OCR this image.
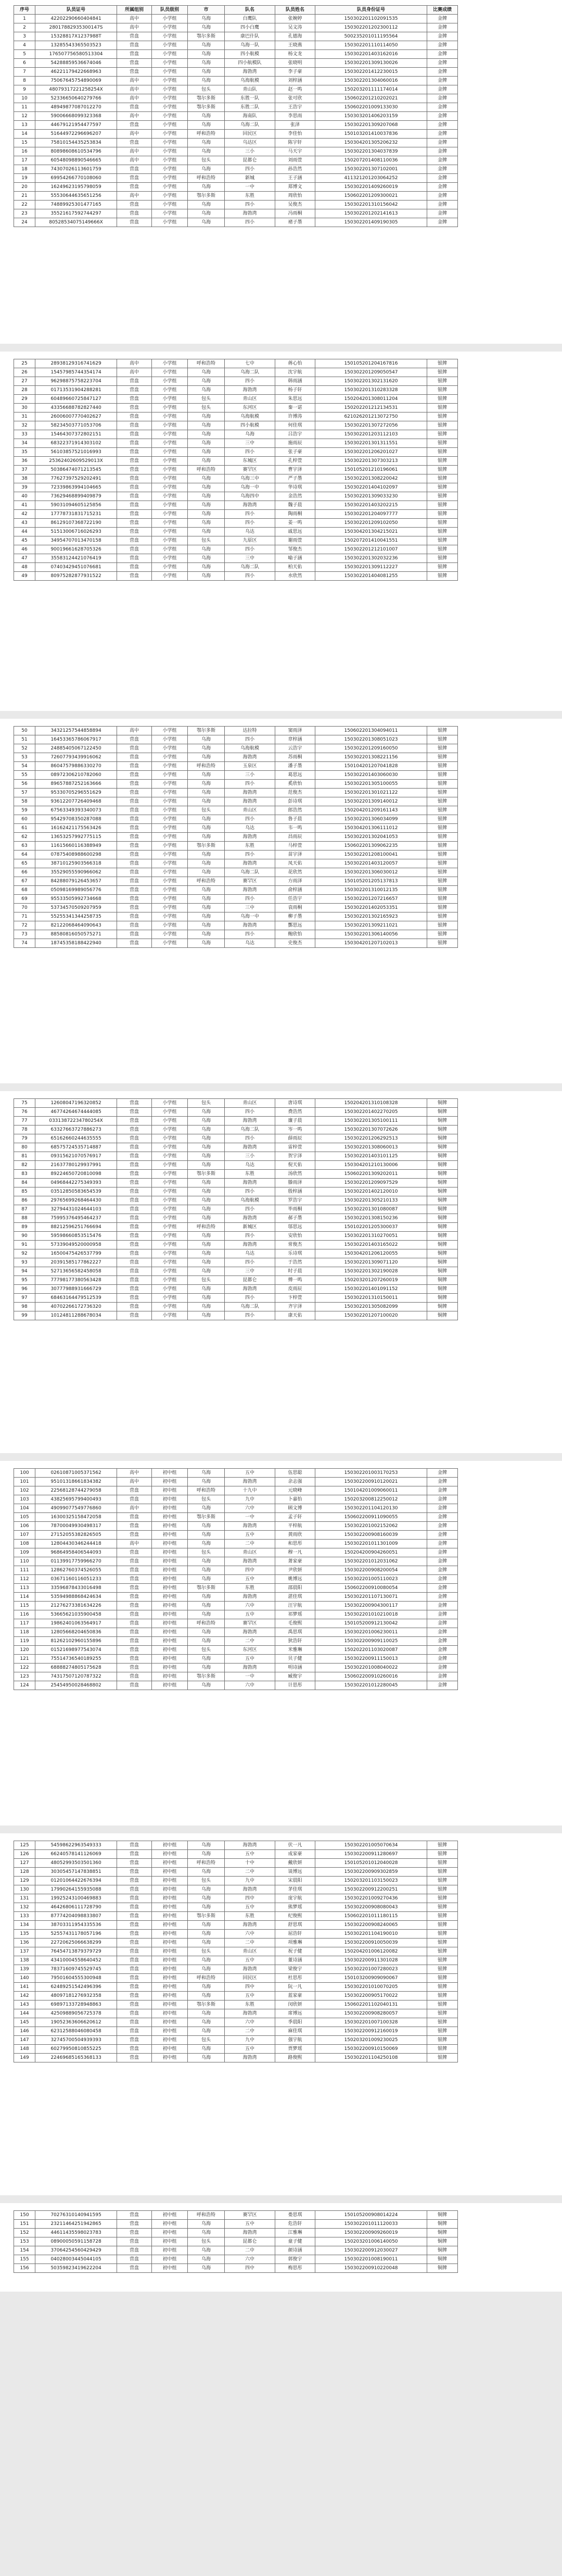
序号	队员证号	所属组别	队员级别	市	队名	队员姓名	队员身份证号	比赛成绩
1	42202290660404841	高中	小学组	乌海	白鹰队	张婉婷	150302201102091535	金牌
2	28017882935300147S	高中	小学组	乌海	四小白鹰	吴文涛	150302201202300112	金牌
3	15328817X1237988T	营盘	小学组	鄂尔多斯	康巴什队	孔德海	500235201011195564	金牌
4	13285543365503523	营盘	小学组	乌海	乌海一队	王晓燕	150302201110114050	金牌
5	176507756580513304	营盘	小学组	乌海	四小航模	杨文龙	150302201403162016	金牌
6	54288859536674046	营盘	小学组	乌海	四小航模队	张晓明	150302201309130026	金牌
7	46221179422668963	营盘	小学组	乌海	海勃湾	李子豪	150302201412230015	金牌
8	75067645754890069	高中	小学组	乌海	乌海航模	刘梓涵	150302201304060016	金牌
9	48079317221258254X	高中	小学组	包头	青山队	赵一鸣	150203201111174014	金牌
10	52336650640279766	高中	小学组	鄂尔多斯	东胜一队	张可欣	150602201210202021	金牌
11	48949877087012270	营盘	小学组	鄂尔多斯	东胜二队	王浩宇	150602201009133030	金牌
12	59006668099323368	高中	小学组	乌海	海南队	李思雨	150303201406203159	金牌
13	44679121954477597	营盘	小学组	乌海	乌海二队	张泽	150302201309207068	金牌
14	51644972296696207	高中	小学组	呼和浩特	回民区	李佳怡	150103201410037836	金牌
15	75810154435253834	营盘	小学组	乌海	乌达区	陈宇轩	150304201305206232	金牌
16	80898608610534796	高中	小学组	乌海	三小	马天宇	150302201304037839	金牌
17	60548098890546665	高中	小学组	包头	昆都仑	刘雨萱	150207201408110036	金牌
18	74307026113601759	营盘	小学组	乌海	四小	孙浩然	150302201307102001	金牌
19	69954266770108060	营盘	小学组	呼和浩特	新城	王子涵	411321201203064252	金牌
20	16249623195798059	营盘	小学组	乌海	一中	郑博文	150302201409260019	金牌
21	55530644635651256	高中	小学组	鄂尔多斯	东胜	周欣怡	150602201209300021	金牌
22	74889925301477165	营盘	小学组	乌海	四小	吴俊杰	150302201310156042	金牌
23	35521617592744297	营盘	小学组	乌海	海勃湾	冯雨桐	150302201202141613	金牌
24	80528534075149666X	营盘	小学组	乌海	四小	褚子墨	150302201409190305	金牌
25	28938129316741629	高中	小学组	呼和浩特	七中	蒋心怡	150105201204167816	银牌
26	15457985744354174	高中	小学组	乌海	乌海二队	沈宇航	150302201209050547	银牌
27	96298875758223704	营盘	小学组	乌海	四小	韩雨涵	150302201302131620	银牌
28	01713531904288281	营盘	小学组	乌海	海勃湾	杨子轩	150302201310283328	银牌
29	60489660725847127	营盘	小学组	包头	青山区	朱思远	150204201308011204	银牌
30	43356688782827440	营盘	小学组	包头	东河区	秦一诺	150202201212134531	银牌
31	26006007770402627	营盘	小学组	乌海	乌海航模	许博涛	621026201213072750	银牌
32	58234503771053706	营盘	小学组	乌海	四小航模	何佳琪	150302201307272056	银牌
33	15464307372802151	营盘	小学组	乌海	乌海	吕浩宇	150302201203112103	银牌
34	68322371914303102	营盘	小学组	乌海	三中	施雨辰	150302201301311551	银牌
35	56103857521016993	营盘	小学组	乌海	四小	张子豪	150302201206201027	银牌
36	25362402609529013X	营盘	小学组	乌海	东城区	孔梓萱	150302201307303213	银牌
37	50386474071213545	营盘	小学组	呼和浩特	赛罕区	曹宇泽	150105201210196061	银牌
38	77627397529202491	营盘	小学组	乌海	乌海三中	严子墨	150302201308220042	银牌
39	72339863994104665	营盘	小学组	乌海	乌海一中	华诗琪	150302201404102097	银牌
40	73629468899409879	营盘	小学组	乌海	乌海四中	金浩然	150302201309033230	银牌
41	59031094605125856	营盘	小学组	乌海	海勃湾	魏子晨	150302201403202215	银牌
42	17778731831715231	营盘	小学组	乌海	四小	陶雨桐	150302201204097777	银牌
43	86129107368722190	营盘	小学组	乌海	四小	姜一鸣	150302201209102050	银牌
44	51513006716026293	营盘	小学组	乌海	乌达	戚思远	150304201304215021	银牌
45	34954707013470158	营盘	小学组	包头	九原区	谢雨萱	150207201410041551	银牌
46	90019661628705326	营盘	小学组	乌海	四小	邹俊杰	150302201212101007	银牌
47	35583124421076419	营盘	小学组	乌海	三中	喻子涵	150302201302032236	银牌
48	07403429451076681	营盘	小学组	乌海	乌海二队	柏天佑	150302201309112227	银牌
49	80975282877931522	营盘	小学组	乌海	四小	水欣然	150302201404081255	银牌
50	34321257544858894	高中	小学组	鄂尔多斯	达拉特	窦雨泽	150602201304094011	银牌
51	16453365786067917	营盘	小学组	乌海	四小	章梓涵	150302201308051023	银牌
52	24885405067122450	营盘	小学组	乌海	乌海航模	云浩宇	150302201209160050	银牌
53	72607793439916062	营盘	小学组	乌海	海勃湾	苏雨桐	150302201308221156	银牌
54	86047579886330270	营盘	小学组	呼和浩特	玉泉区	潘子墨	150104201207041828	银牌
55	08972306210782060	营盘	小学组	乌海	三小	葛思远	150302201403060030	银牌
56	89657887252163666	营盘	小学组	乌海	四小	奚欣怡	150302201305100055	银牌
57	95330705296551629	营盘	小学组	乌海	海勃湾	范俊杰	150302201301021122	银牌
58	93612207726409468	营盘	小学组	乌海	海勃湾	彭诗琪	150302201309140012	银牌
59	67563349393340073	营盘	小学组	包头	青山区	郎浩然	150204201209161143	银牌
60	95429708350287088	营盘	小学组	乌海	四小	鲁子晨	150302201306034099	银牌
61	16162421175563426	营盘	小学组	乌海	乌达	韦一鸣	150304201306111012	银牌
62	13653257992775115	营盘	小学组	乌海	海勃湾	昌雨辰	150302201302041053	银牌
63	11615660116388949	营盘	小学组	鄂尔多斯	东胜	马梓萱	150602201309062235	银牌
64	07875408988600298	营盘	小学组	乌海	四小	苗宇泽	150302201208100041	银牌
65	38710125903566318	营盘	小学组	乌海	海勃湾	凤天佑	150302201403120057	银牌
66	35529055590966062	营盘	小学组	乌海	乌海二队	花欣然	150302201306030012	银牌
67	84288079126453657	营盘	小学组	呼和浩特	赛罕区	方雨泽	150105201205137813	银牌
68	05098169989056776	营盘	小学组	乌海	海勃湾	俞梓涵	150302201310012135	银牌
69	95533505992734668	营盘	小学组	乌海	四小	任浩宇	150302201207216657	银牌
70	53734570509207959	营盘	小学组	乌海	三中	袁雨桐	150302201402053351	银牌
71	55255341344258735	营盘	小学组	乌海	乌海一中	柳子墨	150302201302165923	银牌
72	82122068464090643	营盘	小学组	乌海	海勃湾	酆思远	150302201309211021	银牌
73	88580816050575271	营盘	小学组	乌海	四小	鲍欣怡	150302201306140056	银牌
74	18745358188422940	营盘	小学组	乌海	乌达	史俊杰	150304201207102013	银牌
75	12608047196320852	营盘	小学组	包头	青山区	唐诗琪	150204201310108328	铜牌
76	46774264674444085	营盘	小学组	乌海	四小	费浩然	150302201402270205	铜牌
77	03313872234780254X	营盘	小学组	乌海	海勃湾	廉子晨	150302201305100111	铜牌
78	63327663727886273	营盘	小学组	乌海	乌海二队	岑一鸣	150302201307072626	铜牌
79	65162660244635555	营盘	小学组	乌海	四小	薛雨辰	150302201206292513	铜牌
80	68575724535714887	营盘	小学组	乌海	海勃湾	雷梓萱	150302201308060013	铜牌
81	09315621070576917	营盘	小学组	乌海	三小	贺宇泽	150302201403101125	铜牌
82	21637780129937991	营盘	小学组	乌海	乌达	倪天佑	150304201210130006	铜牌
83	89224650720810098	营盘	小学组	鄂尔多斯	东胜	汤欣然	150602201309202011	铜牌
84	04968442275349393	营盘	小学组	乌海	海勃湾	滕雨泽	150302201209097529	铜牌
85	03512850583654539	营盘	小学组	乌海	四小	殷梓涵	150302201402120010	铜牌
86	29765699268464430	营盘	小学组	乌海	乌海航模	罗浩宇	150302201305210133	铜牌
87	32794431024644103	营盘	小学组	乌海	四小	毕雨桐	150302201301080087	铜牌
88	75995376495464237	营盘	小学组	乌海	海勃湾	郝子墨	150302201308150236	铜牌
89	88212596251766694	营盘	小学组	呼和浩特	新城区	邬思远	150102201205300037	铜牌
90	59598660853515476	营盘	小学组	乌海	四小	安欣怡	150302201310270051	铜牌
91	57339049520000958	营盘	小学组	乌海	海勃湾	常俊杰	150302201403165022	铜牌
92	16500475426537799	营盘	小学组	乌海	乌达	乐诗琪	150304201206120055	铜牌
93	20391585177862227	营盘	小学组	乌海	四小	于浩然	150302201309071120	铜牌
94	52713656582458058	营盘	小学组	乌海	三中	时子晨	150302201302190028	铜牌
95	77798177380563428	营盘	小学组	包头	昆都仑	傅一鸣	150203201207260019	铜牌
96	30777988931666729	营盘	小学组	乌海	海勃湾	皮雨辰	150302201401091152	铜牌
97	68463164479512539	营盘	小学组	乌海	四小	卞梓萱	150302201310150011	铜牌
98	40702266172736320	营盘	小学组	乌海	乌海二队	齐宇泽	150302201305082099	铜牌
99	10124811288678034	营盘	小学组	乌海	四小	康天佑	150302201207100020	铜牌
100	02610871005371562	高中	初中组	乌海	五中	伍思聪	150302201003170253	金牌
101	95101318661834382	高中	初中组	乌海	海勃湾	余志强	150302200910120021	金牌
102	22568128744279058	营盘	初中组	呼和浩特	十九中	元晓峰	150104201009060011	金牌
103	43825695799400493	营盘	初中组	包头	九中	卜嘉怡	150203200812250012	金牌
104	49099077549776860	高中	初中组	乌海	六中	顾文博	150302201104120130	金牌
105	16300325158472058	营盘	初中组	鄂尔多斯	一中	孟子轩	150602200911090055	金牌
106	78700049930498317	营盘	初中组	乌海	海勃湾	平梓航	150302201002152062	金牌
107	27152055382826505	营盘	初中组	乌海	五中	黄雨欣	150302200908160039	金牌
108	12804430346244418	高中	初中组	乌海	二中	和思彤	150302201011301009	金牌
109	96864958406544093	营盘	初中组	包头	青山区	穆一凡	150204200904260051	金牌
110	01139917759966270	营盘	初中组	乌海	海勃湾	萧家豪	150302201012031062	金牌
111	12862760374526055	营盘	初中组	乌海	四中	尹欣妍	150302200908200054	金牌
112	03671160116051233	营盘	初中组	乌海	五中	姚博远	150302201005110023	金牌
113	33596878433016498	营盘	初中组	鄂尔多斯	东胜	邵晨阳	150602200910080054	金牌
114	53594988868424634	营盘	初中组	乌海	海勃湾	湛佳琪	150302201107130071	金牌
115	21276273381634226	营盘	初中组	乌海	六中	汪宇航	150302200904300117	金牌
116	53665621035900458	营盘	初中组	乌海	五中	祁梦瑶	150302201010210018	金牌
117	19862401063564917	营盘	初中组	呼和浩特	赛罕区	毛俊熙	150105200912130042	金牌
118	12805668204650836	营盘	初中组	乌海	海勃湾	禹思琪	150302201006230011	金牌
119	81262102960155896	营盘	初中组	乌海	二中	狄浩轩	150302200909110025	金牌
120	01521698977543074	营盘	初中组	包头	东河区	米雅琳	150202201103020087	金牌
121	75514736540189255	营盘	初中组	乌海	五中	贝子健	150302200911150013	金牌
122	68888274805175628	营盘	初中组	乌海	海勃湾	明诗涵	150302201008040022	金牌
123	74317507120787322	营盘	初中组	鄂尔多斯	一中	臧俊宇	150602200910260016	金牌
124	25454950028468802	营盘	初中组	乌海	六中	计思彤	150302201012280045	金牌
125	54598622963549333	营盘	初中组	乌海	海勃湾	伏一凡	150302201005070634	银牌
126	66240578141126069	营盘	初中组	乌海	五中	成家豪	150302200911280697	银牌
127	48052993503501360	营盘	初中组	呼和浩特	十中	戴欣妍	150105201012040028	银牌
128	30305457147838851	营盘	初中组	乌海	二中	谈博远	150302200909302859	银牌
129	01201064422676394	营盘	初中组	包头	九中	宋晨阳	150203201103150023	银牌
130	17990264155935088	营盘	初中组	乌海	海勃湾	茅佳琪	150302200912200251	银牌
131	19925243100469883	营盘	初中组	乌海	四中	庞宇航	150302201009270436	银牌
132	46426806111728790	营盘	初中组	乌海	五中	熊梦瑶	150302200908080043	银牌
133	87774204098833807	营盘	初中组	鄂尔多斯	东胜	纪俊熙	150602201011180115	银牌
134	38703311954335536	营盘	初中组	乌海	海勃湾	舒思琪	150302200908240065	银牌
135	52557431178057196	营盘	初中组	乌海	六中	屈浩轩	150302201104190010	银牌
136	22720625066638299	营盘	初中组	乌海	二中	项雅琳	150302200910050039	银牌
137	76454713879379729	营盘	初中组	包头	青山区	祝子健	150204201006120082	银牌
138	43410004558640452	营盘	初中组	乌海	五中	董诗涵	150302200911301028	银牌
139	78371609745529745	营盘	初中组	乌海	海勃湾	梁俊宇	150302201007280023	银牌
140	79501604555300948	营盘	初中组	呼和浩特	回民区	杜思彤	150103200909090067	银牌
141	62489251542496396	营盘	初中组	乌海	四中	阮一凡	150302201010070205	银牌
142	48097181276932358	营盘	初中组	乌海	五中	蓝家豪	150302200905170022	银牌
143	69897133728948863	营盘	初中组	鄂尔多斯	东胜	闵欣妍	150602201102040131	银牌
144	42509889056725378	营盘	初中组	乌海	海勃湾	席博远	150302200908280057	银牌
145	19052363606620612	营盘	初中组	乌海	六中	季晨阳	150302201007100328	银牌
146	62312588046080458	营盘	初中组	乌海	二中	麻佳琪	150302200912160019	银牌
147	32745700504939393	营盘	初中组	包头	九中	强宇航	150203201009230025	银牌
148	60279950810855225	营盘	初中组	乌海	五中	贾梦瑶	150302200910150069	银牌
149	22469685165368133	营盘	初中组	乌海	海勃湾	路俊熙	150302201104250108	银牌
150	70276310140941595	营盘	初中组	呼和浩特	赛罕区	娄思琪	150105200908014224	铜牌
151	23211464251942865	营盘	初中组	乌海	五中	危浩轩	150302201011120033	铜牌
152	44611435598023783	营盘	初中组	乌海	海勃湾	江雅琳	150302200909260019	铜牌
153	08900050591158728	营盘	初中组	包头	昆都仑	童子健	150203201006140050	铜牌
154	37064254560429429	营盘	初中组	乌海	二中	颜诗涵	150302200912030027	铜牌
155	04028003445044105	营盘	初中组	乌海	六中	郭俊宇	150302201008190011	铜牌
156	50359823419622204	营盘	初中组	乌海	四中	梅思彤	150302200910220048	铜牌
